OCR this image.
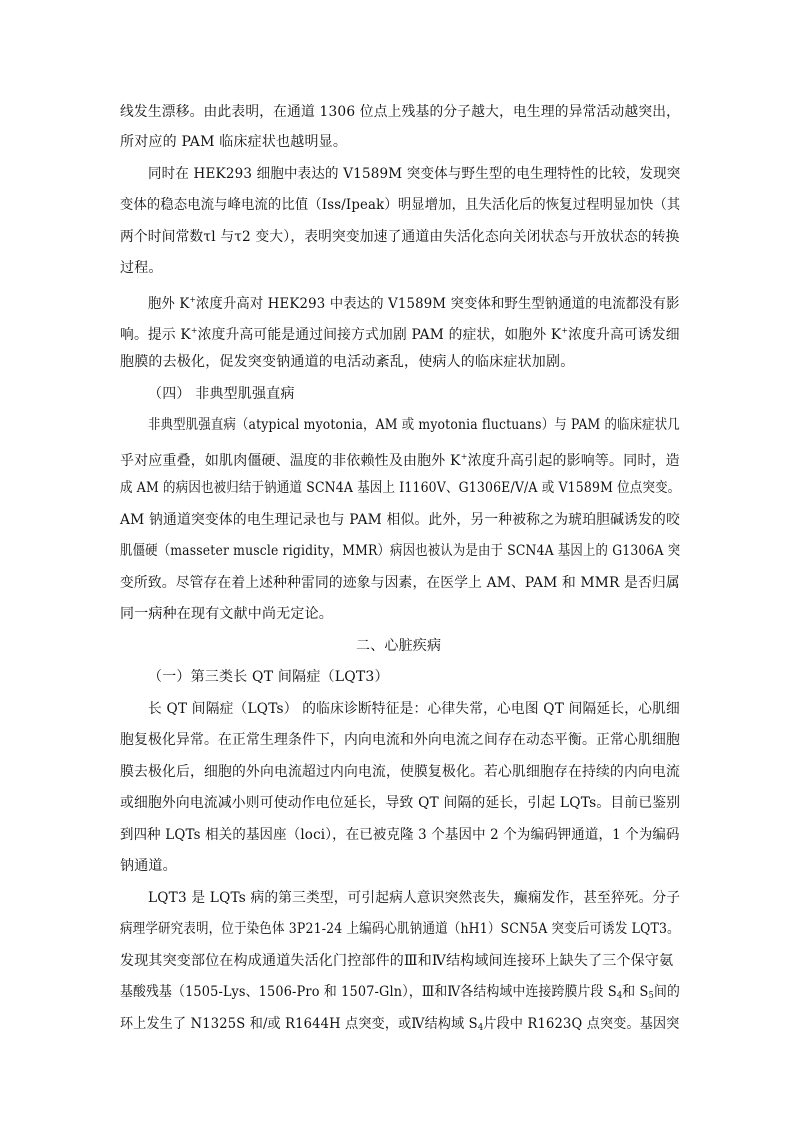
线发生漂移。由此表明，在通道 1306 位点上残基的分子越大，电生理的异常活动越突出，
所对应的 PAM 临床症状也越明显。
同时在 HEK293 细胞中表达的 V1589M 突变体与野生型的电生理特性的比较，发现突
变体的稳态电流与峰电流的比值（Iss/Ipeak）明显增加，且失活化后的恢复过程明显加快（其
两个时间常数τl 与τ2 变大），表明突变加速了通道由失活化态向关闭状态与开放状态的转换
过程。
胞外 K+浓度升高对 HEK293 中表达的 V1589M 突变体和野生型钠通道的电流都没有影
响。提示 K+浓度升高可能是通过间接方式加剧 PAM 的症状，如胞外 K+浓度升高可诱发细
胞膜的去极化，促发突变钠通道的电活动紊乱，使病人的临床症状加剧。
（四） 非典型肌强直病
非典型肌强直病（atypical myotonia，AM 或 myotonia fluctuans）与 PAM 的临床症状几
乎对应重叠，如肌肉僵硬、温度的非依赖性及由胞外 K+浓度升高引起的影响等。同时，造
成 AM 的病因也被归结于钠通道 SCN4A 基因上 I1160V、G1306E/V/A 或 V1589M 位点突变。
AM 钠通道突变体的电生理记录也与 PAM 相似。此外，另一种被称之为琥珀胆碱诱发的咬
肌僵硬（masseter muscle rigidity，MMR）病因也被认为是由于 SCN4A 基因上的 G1306A 突
变所致。尽管存在着上述种种雷同的迹象与因素，在医学上 AM、PAM 和 MMR 是否归属
同一病种在现有文献中尚无定论。
二、心脏疾病
（一）第三类长 QT 间隔症（LQT3）
长 QT 间隔症（LQTs） 的临床诊断特征是：心律失常，心电图 QT 间隔延长，心肌细
胞复极化异常。在正常生理条件下，内向电流和外向电流之间存在动态平衡。正常心肌细胞
膜去极化后，细胞的外向电流超过内向电流，使膜复极化。若心肌细胞存在持续的内向电流
或细胞外向电流减小则可使动作电位延长，导致 QT 间隔的延长，引起 LQTs。目前已鉴别
到四种 LQTs 相关的基因座（loci），在已被克隆 3 个基因中 2 个为编码钾通道，1 个为编码
钠通道。
LQT3 是 LQTs 病的第三类型，可引起病人意识突然丧失，癫痫发作，甚至猝死。分子
病理学研究表明，位于染色体 3P21-24 上编码心肌钠通道（hH1）SCN5A 突变后可诱发 LQT3。
发现其突变部位在构成通道失活化门控部件的Ⅲ和Ⅳ结构域间连接环上缺失了三个保守氨
基酸残基（1505-Lys、1506-Pro 和 1507-Gln），Ⅲ和Ⅳ各结构域中连接跨膜片段 $S_4$和 $S_5$间的
环上发生了 N1325S 和/或 R1644H 点突变，或Ⅳ结构域 $S_4$片段中 R1623Q 点突变。基因突
